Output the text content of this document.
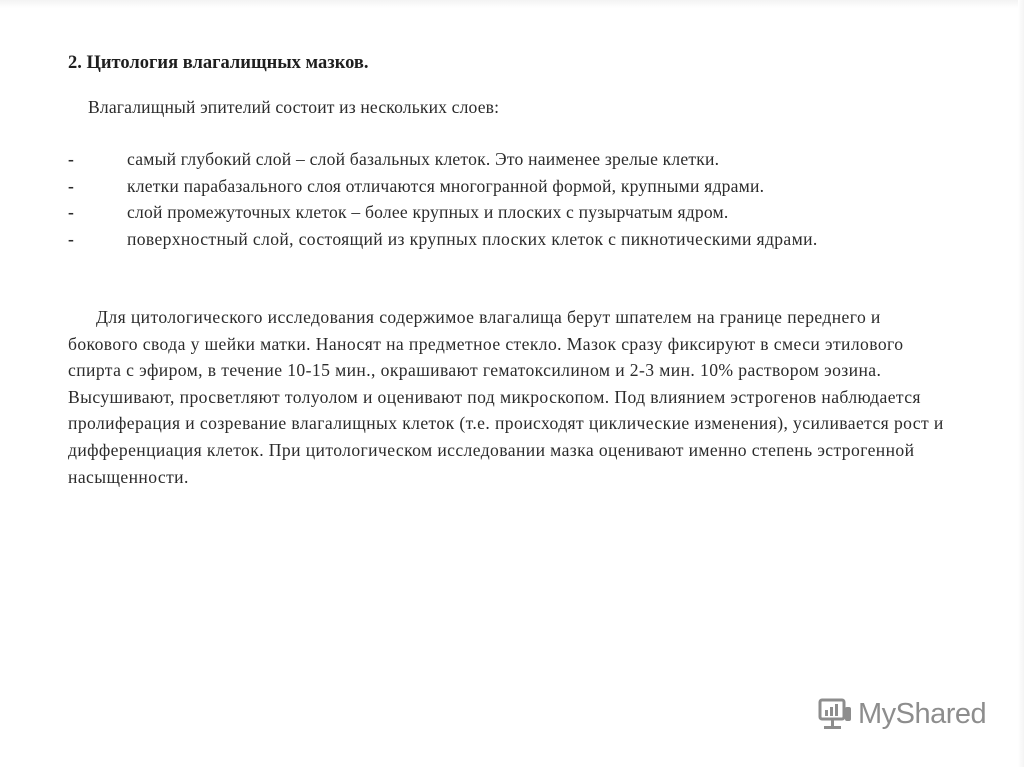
2. Цитология влагалищных мазков.

Влагалищный эпителий состоит из нескольких слоев:

-	самый глубокий слой – слой базальных клеток. Это наименее зрелые клетки.
-	клетки парабазального слоя отличаются многогранной формой, крупными ядрами.
-	слой промежуточных клеток – более крупных и плоских с пузырчатым ядром.
-	поверхностный слой, состоящий из крупных плоских клеток с пикнотическими ядрами.

Для цитологического исследования содержимое влагалища берут шпателем на границе переднего и бокового свода у шейки матки. Наносят на предметное стекло. Мазок сразу фиксируют в смеси этилового спирта с эфиром, в течение 10-15 мин., окрашивают гематоксилином и 2-3 мин. 10% раствором эозина. Высушивают, просветляют толуолом и оценивают под микроскопом. Под влиянием эстрогенов наблюдается пролиферация и созревание влагалищных клеток (т.е. происходят циклические изменения), усиливается рост и дифференциация клеток. При цитологическом исследовании мазка оценивают именно степень эстрогенной насыщенности.

MyShared
